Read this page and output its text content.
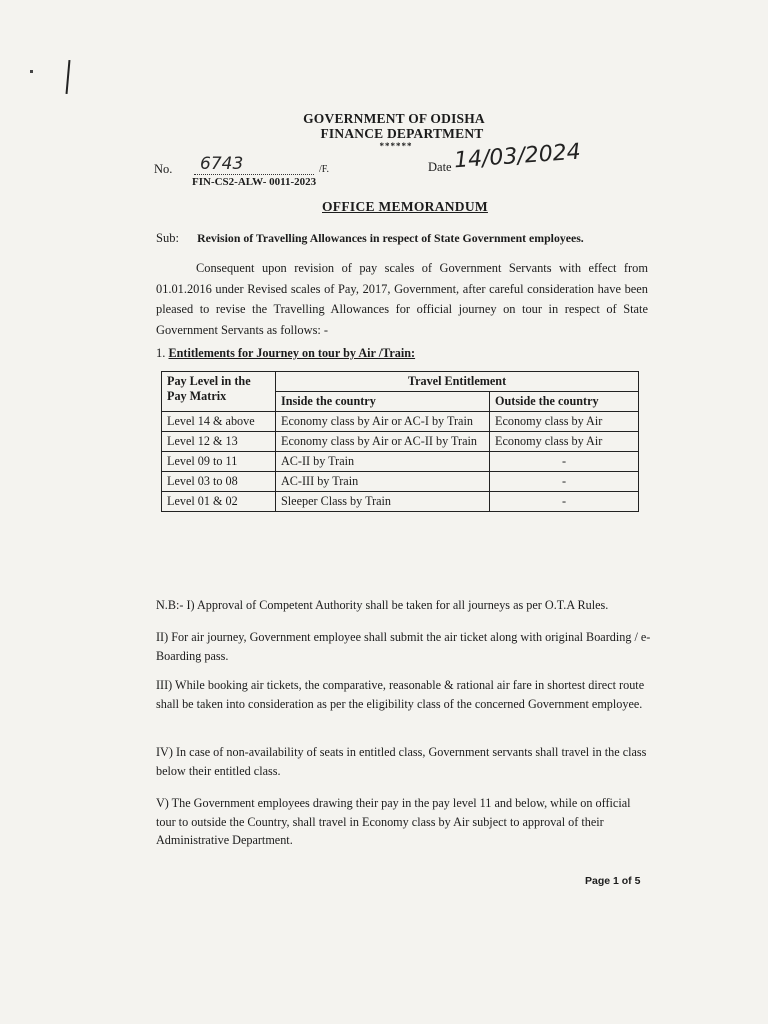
GOVERNMENT OF ODISHA
FINANCE DEPARTMENT
******
No. 6743	/F.	Date 14/03/2024
FIN-CS2-ALW- 0011-2023
OFFICE MEMORANDUM
Sub: Revision of Travelling Allowances in respect of State Government employees.
Consequent upon revision of pay scales of Government Servants with effect from 01.01.2016 under Revised scales of Pay, 2017, Government, after careful consideration have been pleased to revise the Travelling Allowances for official journey on tour in respect of State Government Servants as follows: -
1. Entitlements for Journey on tour by Air /Train:
Pay Level in the Pay Matrix	Travel Entitlement	
	Inside the country	Outside the country
Level 14 & above	Economy class by Air or AC-I by Train	Economy class by Air
Level 12 & 13	Economy class by Air or AC-II by Train	Economy class by Air
Level 09 to 11	AC-II by Train	-
Level 03 to 08	AC-III by Train	-
Level 01 & 02	Sleeper Class by Train	-
N.B:- I) Approval of Competent Authority shall be taken for all journeys as per O.T.A Rules.
II) For air journey, Government employee shall submit the air ticket along with original Boarding / e-Boarding pass.
III) While booking air tickets, the comparative, reasonable & rational air fare in shortest direct route shall be taken into consideration as per the eligibility class of the concerned Government employee.
IV) In case of non-availability of seats in entitled class, Government servants shall travel in the class below their entitled class.
V) The Government employees drawing their pay in the pay level 11 and below, while on official tour to outside the Country, shall travel in Economy class by Air subject to approval of their Administrative Department.
Page 1 of 5
